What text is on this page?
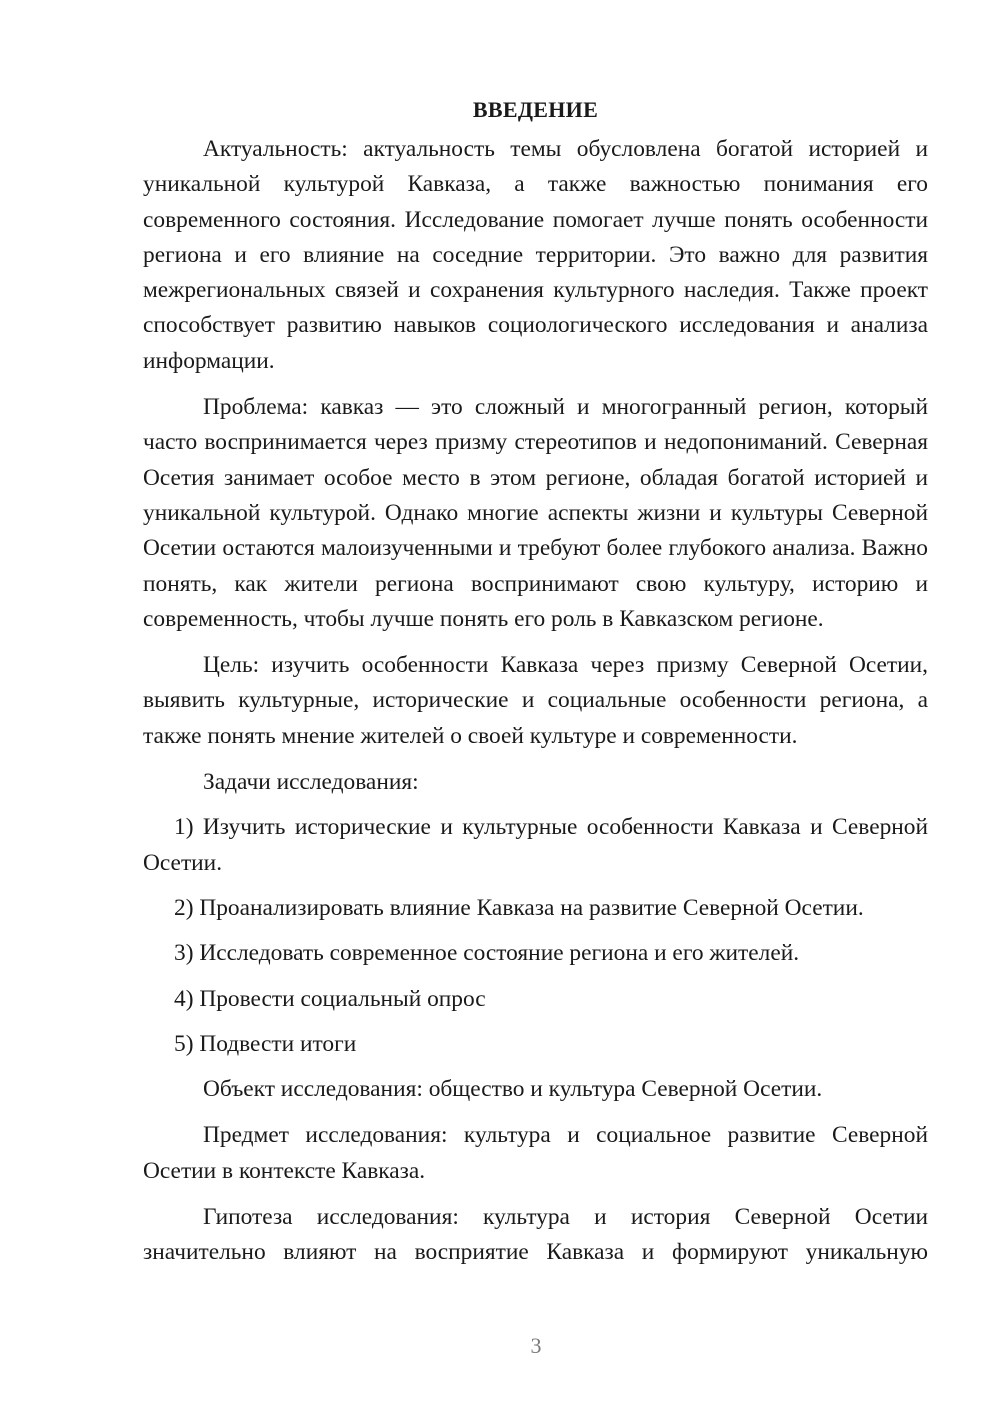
ВВЕДЕНИЕ

Актуальность: актуальность темы обусловлена богатой историей и уникальной культурой Кавказа, а также важностью понимания его современного состояния. Исследование помогает лучше понять особенности региона и его влияние на соседние территории. Это важно для развития межрегиональных связей и сохранения культурного наследия. Также проект способствует развитию навыков социологического исследования и анализа информации.

Проблема: кавказ — это сложный и многогранный регион, который часто воспринимается через призму стереотипов и недопониманий. Северная Осетия занимает особое место в этом регионе, обладая богатой историей и уникальной культурой. Однако многие аспекты жизни и культуры Северной Осетии остаются малоизученными и требуют более глубокого анализа. Важно понять, как жители региона воспринимают свою культуру, историю и современность, чтобы лучше понять его роль в Кавказском регионе.

Цель: изучить особенности Кавказа через призму Северной Осетии, выявить культурные, исторические и социальные особенности региона, а также понять мнение жителей о своей культуре и современности.

Задачи исследования:

1) Изучить исторические и культурные особенности Кавказа и Северной Осетии.

2) Проанализировать влияние Кавказа на развитие Северной Осетии.

3) Исследовать современное состояние региона и его жителей.

4) Провести социальный опрос

5) Подвести итоги

Объект исследования: общество и культура Северной Осетии.

Предмет исследования: культура и социальное развитие Северной Осетии в контексте Кавказа.

Гипотеза исследования: культура и история Северной Осетии значительно влияют на восприятие Кавказа и формируют уникальную

3
